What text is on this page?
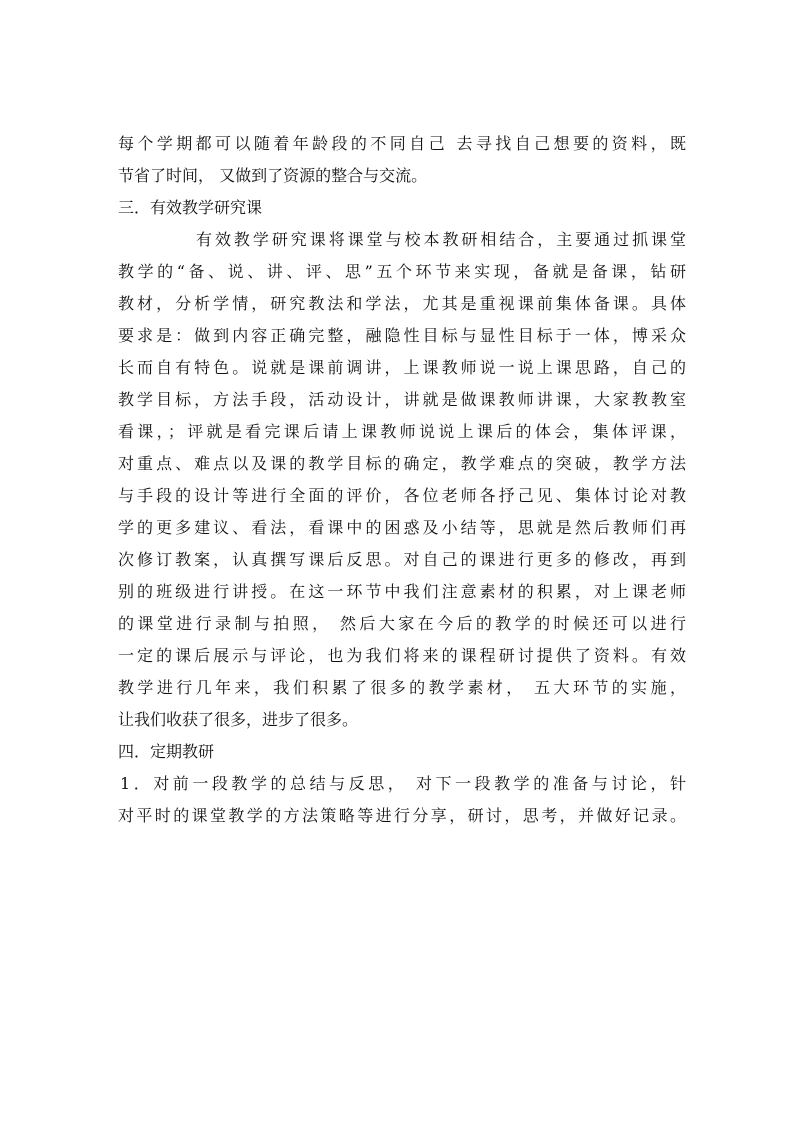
每个学期都可以随着年龄段的不同自己 去寻找自己想要的资料，既
节省了时间， 又做到了资源的整合与交流。
三．有效教学研究课
有效教学研究课将课堂与校本教研相结合，主要通过抓课堂
教学的“备、说、讲、评、思”五个环节来实现，备就是备课，钻研
教材，分析学情，研究教法和学法，尤其是重视课前集体备课。具体
要求是：做到内容正确完整，融隐性目标与显性目标于一体，博采众
长而自有特色。说就是课前调讲，上课教师说一说上课思路，自己的
教学目标，方法手段，活动设计，讲就是做课教师讲课，大家教教室
看课，；评就是看完课后请上课教师说说上课后的体会，集体评课，
对重点、难点以及课的教学目标的确定，教学难点的突破，教学方法
与手段的设计等进行全面的评价，各位老师各抒己见、集体讨论对教
学的更多建议、看法，看课中的困惑及小结等，思就是然后教师们再
次修订教案，认真撰写课后反思。对自己的课进行更多的修改，再到
别的班级进行讲授。在这一环节中我们注意素材的积累，对上课老师
的课堂进行录制与拍照， 然后大家在今后的教学的时候还可以进行
一定的课后展示与评论，也为我们将来的课程研讨提供了资料。有效
教学进行几年来，我们积累了很多的教学素材， 五大环节的实施，
让我们收获了很多，进步了很多。
四．定期教研
1．对前一段教学的总结与反思， 对下一段教学的准备与讨论，针
对平时的课堂教学的方法策略等进行分享，研讨，思考，并做好记录。
